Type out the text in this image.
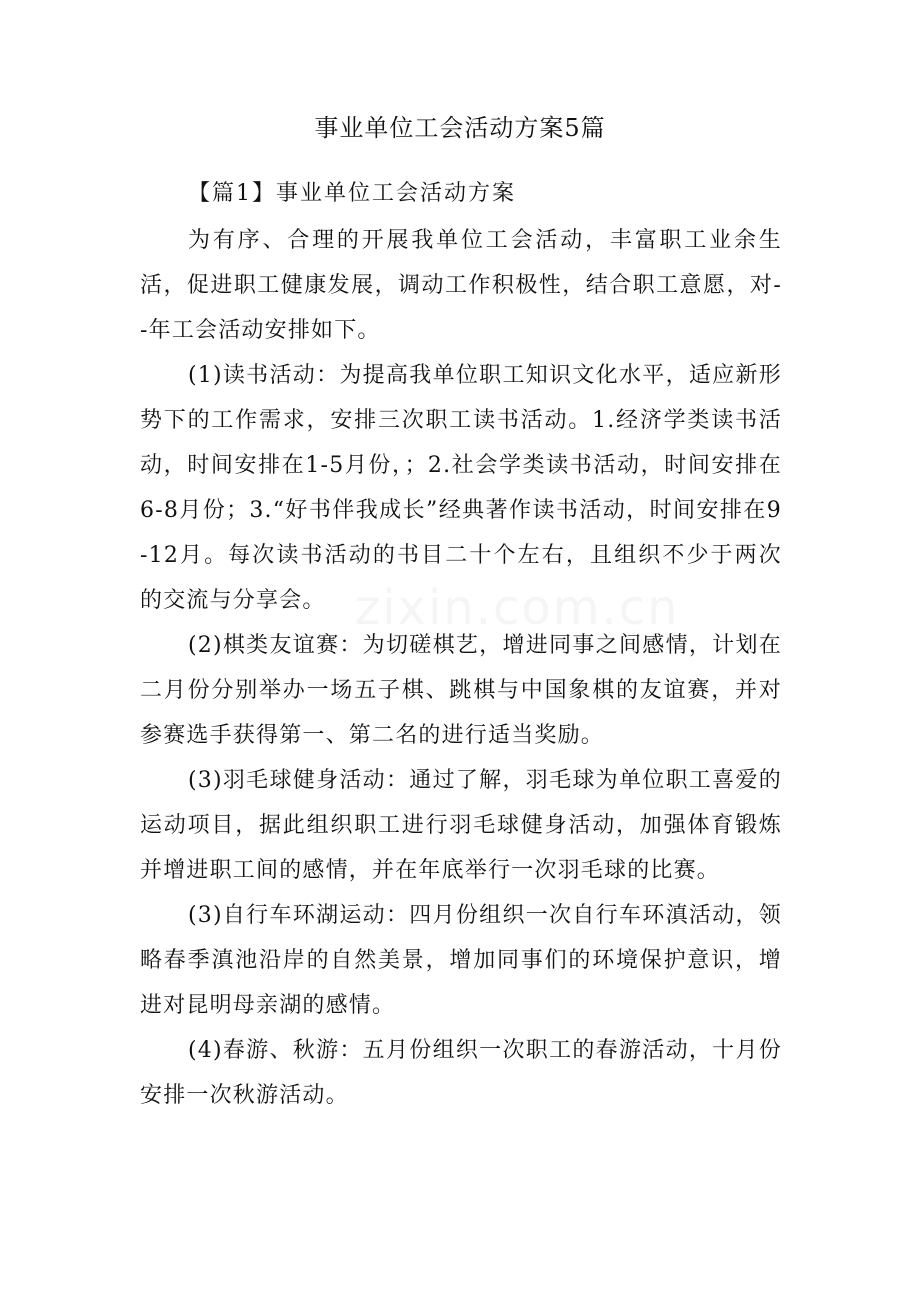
事业单位工会活动方案5篇
【篇1】事业单位工会活动方案

为有序、合理的开展我单位工会活动，丰富职工业余生活，促进职工健康发展，调动工作积极性，结合职工意愿，对--年工会活动安排如下。

(1)读书活动：为提高我单位职工知识文化水平，适应新形势下的工作需求，安排三次职工读书活动。1.经济学类读书活动，时间安排在1-5月份，；2.社会学类读书活动，时间安排在6-8月份；3.“好书伴我成长”经典著作读书活动，时间安排在9-12月。每次读书活动的书目二十个左右，且组织不少于两次的交流与分享会。

(2)棋类友谊赛：为切磋棋艺，增进同事之间感情，计划在二月份分别举办一场五子棋、跳棋与中国象棋的友谊赛，并对参赛选手获得第一、第二名的进行适当奖励。

(3)羽毛球健身活动：通过了解，羽毛球为单位职工喜爱的运动项目，据此组织职工进行羽毛球健身活动，加强体育锻炼并增进职工间的感情，并在年底举行一次羽毛球的比赛。

(3)自行车环湖运动：四月份组织一次自行车环滇活动，领略春季滇池沿岸的自然美景，增加同事们的环境保护意识，增进对昆明母亲湖的感情。

(4)春游、秋游：五月份组织一次职工的春游活动，十月份安排一次秋游活动。

zixin.com.cn
